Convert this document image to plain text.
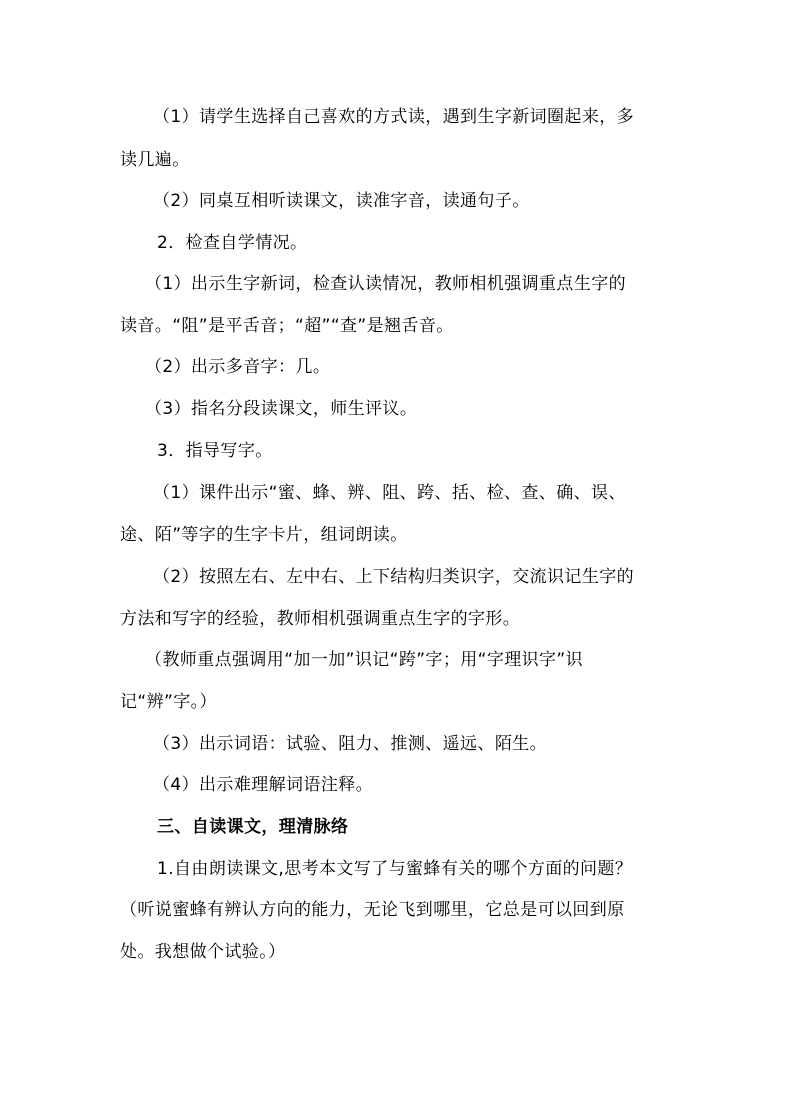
（1）请学生选择自己喜欢的方式读，遇到生字新词圈起来，多
读几遍。
（2）同桌互相听读课文，读准字音，读通句子。
2．检查自学情况。
（1）出示生字新词，检查认读情况，教师相机强调重点生字的
读音。“阻”是平舌音；“超”“查”是翘舌音。
（2）出示多音字：几。
（3）指名分段读课文，师生评议。
3．指导写字。
（1）课件出示“蜜、蜂、辨、阻、跨、括、检、查、确、误、
途、陌”等字的生字卡片，组词朗读。
（2）按照左右、左中右、上下结构归类识字，交流识记生字的
方法和写字的经验，教师相机强调重点生字的字形。
（教师重点强调用“加一加”识记“跨”字；用“字理识字”识
记“辨”字。）
（3）出示词语：试验、阻力、推测、遥远、陌生。
（4）出示难理解词语注释。
三、自读课文，理清脉络
1.自由朗读课文,思考本文写了与蜜蜂有关的哪个方面的问题？
（听说蜜蜂有辨认方向的能力，无论飞到哪里，它总是可以回到原
处。我想做个试验。）
